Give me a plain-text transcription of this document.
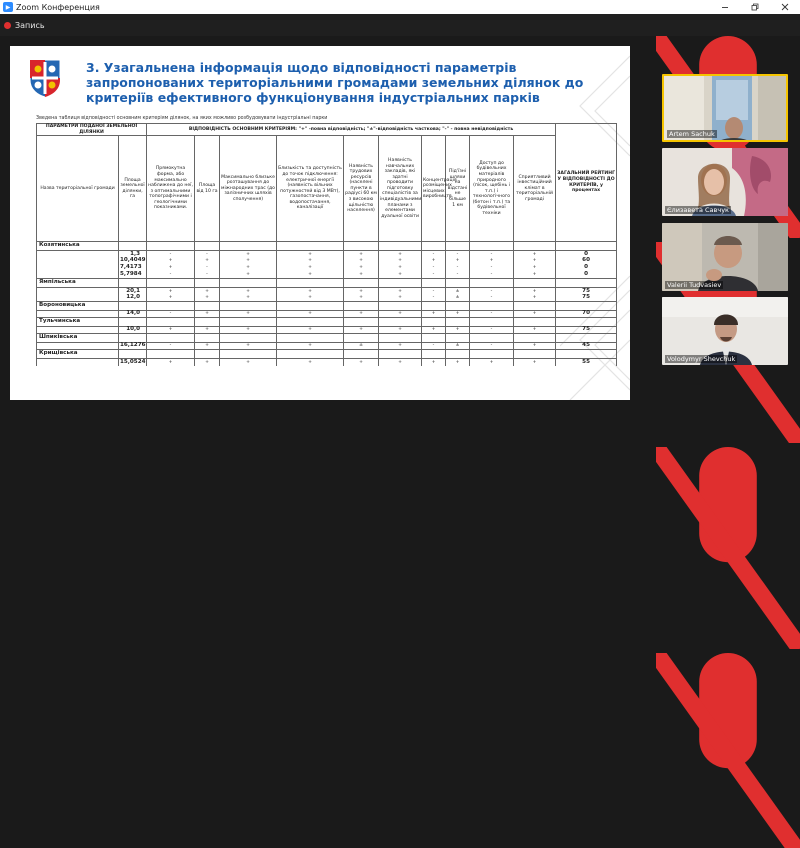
▶ Zoom Конференция
Запись
3. Узагальнена інформація щодо відповідності параметрів запропонованих територіальними громадами земельних ділянок до критеріїв ефективного функціонування індустріальних парків
Зведена таблиця відповідності основним критеріям ділянок, на яких можливо розбудовувати індустріальні парки
ПАРАМЕТРИ ПОДАНОЇ ЗЕМЕЛЬНОЇ ДІЛЯНКИ		ВІДПОВІДНІСТЬ ОСНОВНИМ КРИТЕРІЯМ: "+" -повна відповідність; "±"-відповідність часткова; "-" - повна невідповідність										ЗАГАЛЬНИЙ РЕЙТИНГ У ВІДПОВІДНОСТІ ДО КРИТЕРІЇВ, у процентах
Назва територіальної громади	Площа земельної ділянки, га	Прямокутна форма, або максимально наближена до неї, з оптимальними топографічними і геологічними показниками.	Площа від 10 га	Максимально близьке розташування до міжнародних трас (до залізничних шляхів сполучення)	Близькість та доступність до точок підключення: електричної енергії (наявність вільних потужностей від 3 МВт), газопостачання, водопостачання, каналізації	Наявність трудових ресурсів (населені пункти в радіусі 60 км з високою щільністю населення)	Наявність навчальних закладів, які здатні проводити підготовку спеціалістів за індивідуальними планами з елементами дуальної освіти	Концентрація розміщених місцевих виробництв	Під'їзні шляхи на відстані не більше 1 км	Доступ до будівельних матеріалів природного (пісок, щебінь і т.п.) і технологічного (бетон і т.п.) та будівельної техніки	Сприятливий інвестиційний клімат в територіальній громаді	
Козятинська												
	1,3	-	-	+	+	+	+	-	-	-	+	0
	10,4049	+	+	+	+	+	+	+	+	+	+	60
	7,4173	+	-	+	+	+	+	-	-	-	+	0
	5,7984	-	-	+	+	+	+	-	-	-	+	0
Ямпільська												
	20,1	+	+	+	+	+	+	-	±	-	+	75
	12,0	+	+	+	+	+	+	-	±	-	+	75
Вороновицька												
	14,0	-	+	+	+	+	+	+	+	-	+	70
Тульчинська												
	10,0	+	+	+	+	+	+	+	+	-	+	75
Шпиківська												
	16,1276	-	+	+	+	±	+	-	±	-	+	45
Крищівська												
	15,0524	+	+	+	+	+	+	+	+	+	+	55
Artem Sachuk
Єлизавета Савчук
Valerii Tudvasiev
Volodymyr Shevchuk
